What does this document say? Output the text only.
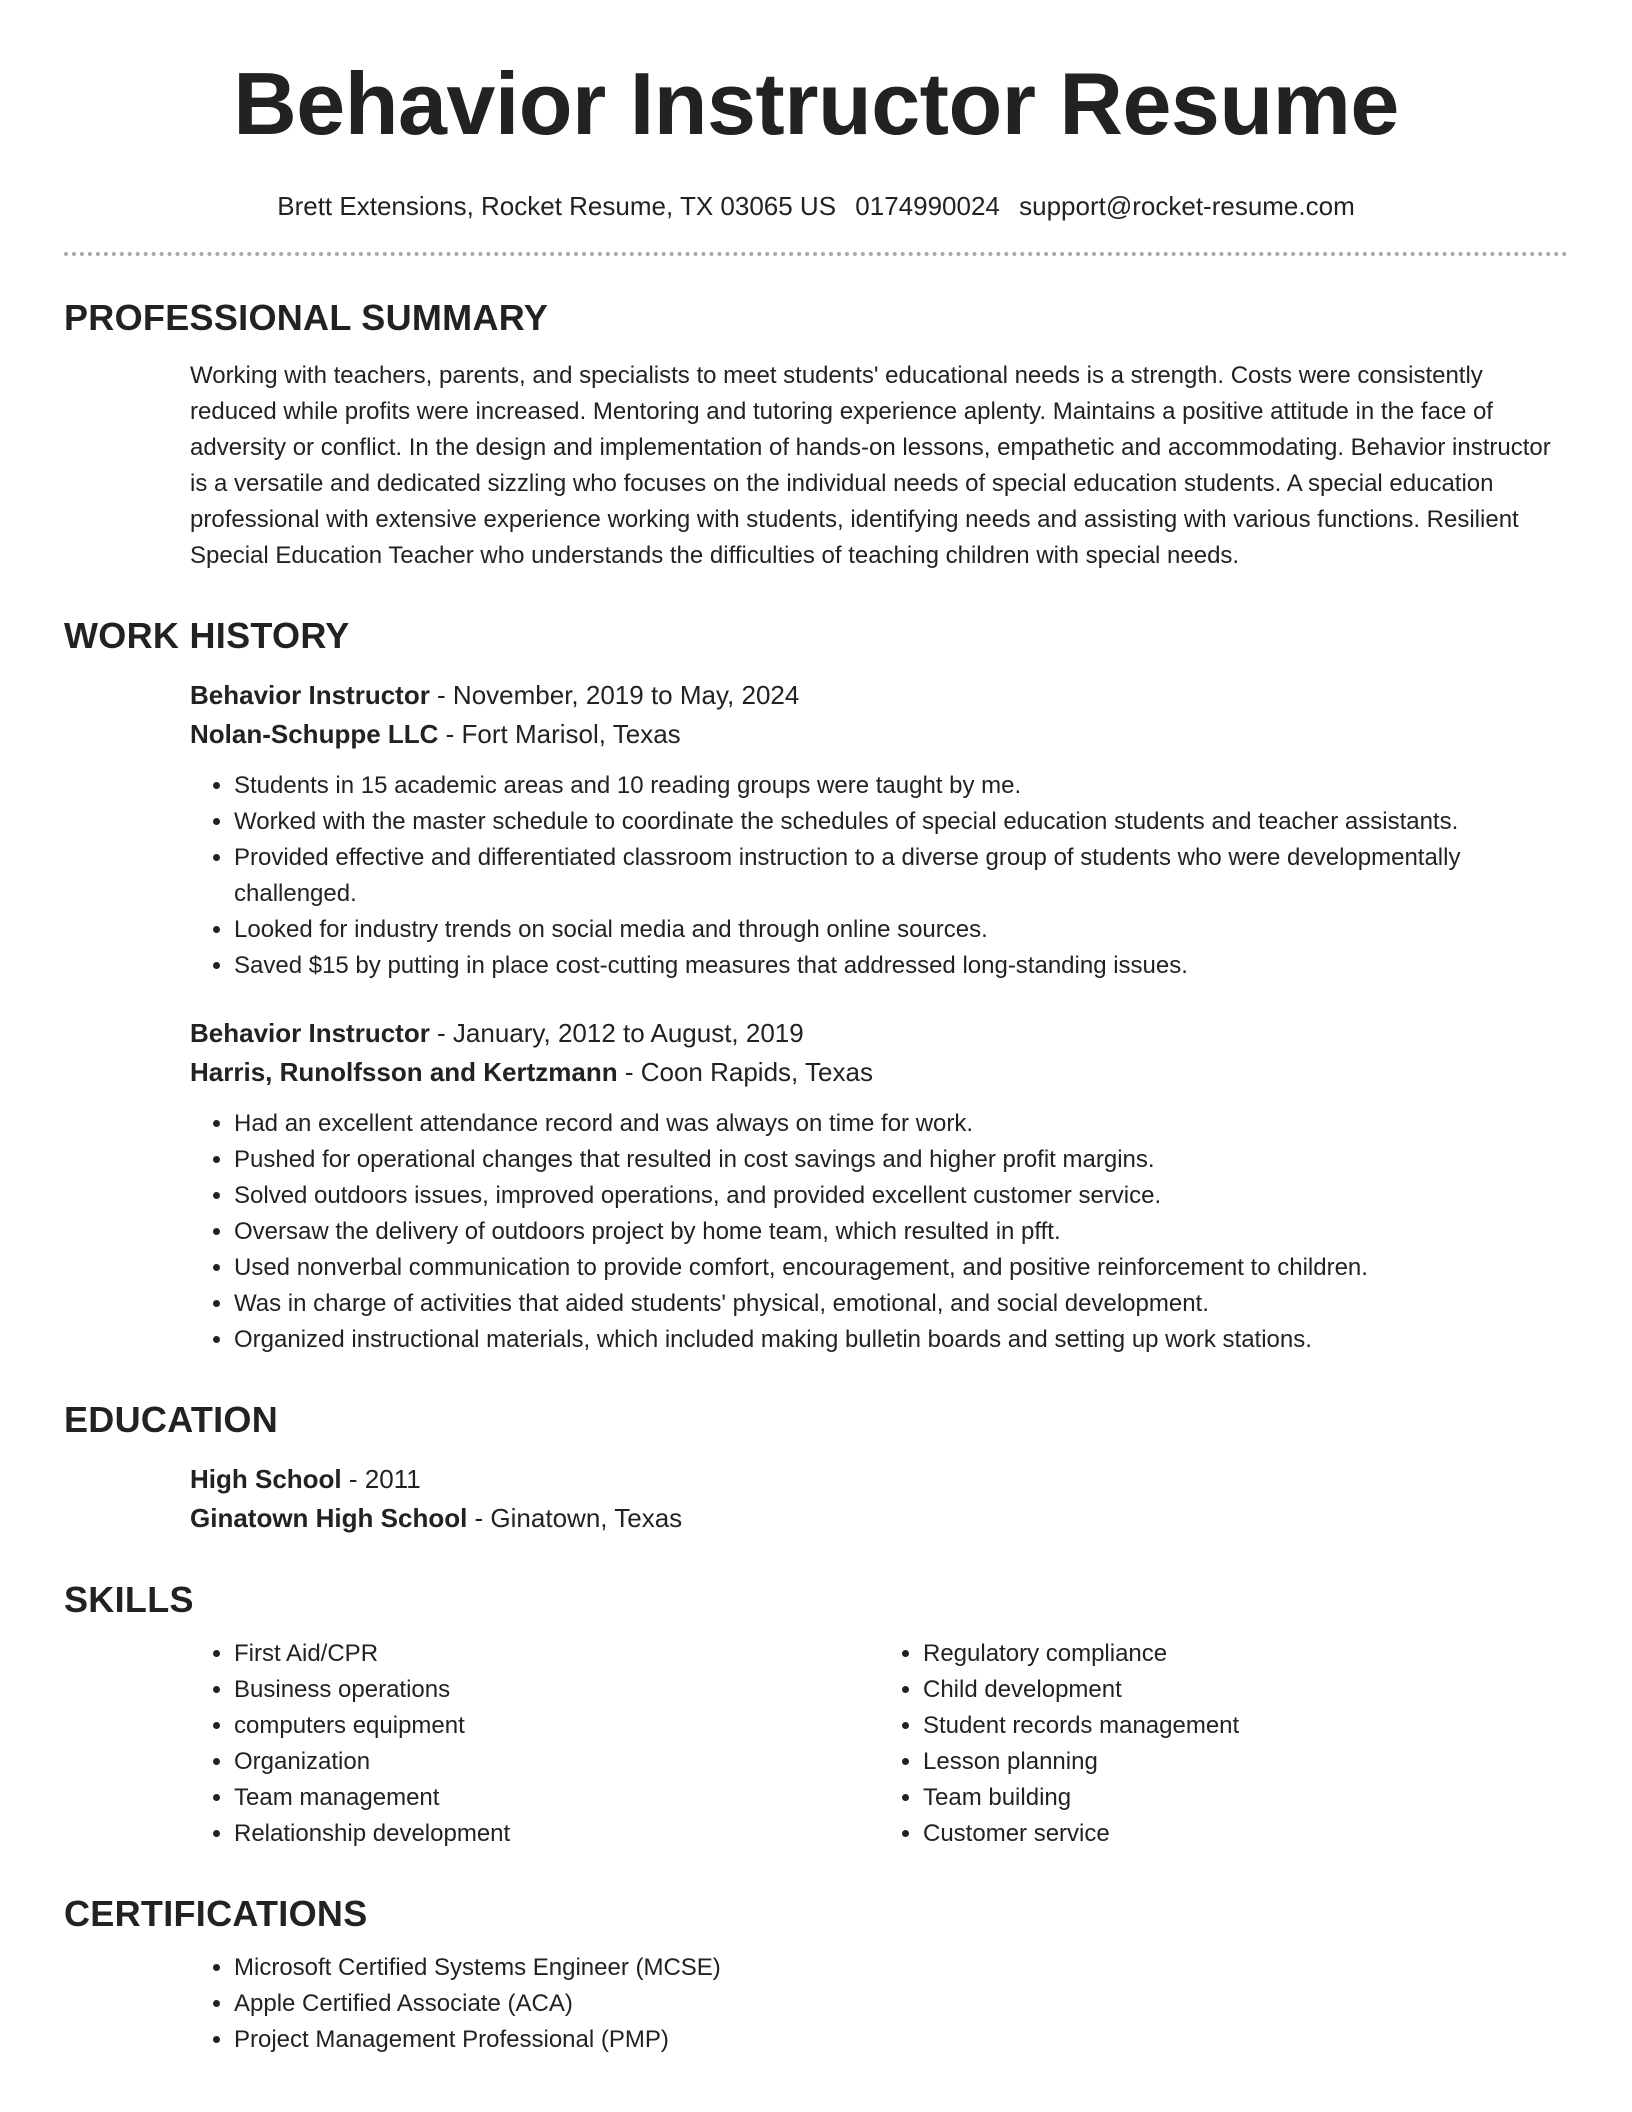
Behavior Instructor Resume
Brett Extensions, Rocket Resume, TX 03065 US 0174990024 support@rocket-resume.com
PROFESSIONAL SUMMARY

Working with teachers, parents, and specialists to meet students' educational needs is a strength. Costs were consistently reduced while profits were increased. Mentoring and tutoring experience aplenty. Maintains a positive attitude in the face of adversity or conflict. In the design and implementation of hands-on lessons, empathetic and accommodating. Behavior instructor is a versatile and dedicated sizzling who focuses on the individual needs of special education students. A special education professional with extensive experience working with students, identifying needs and assisting with various functions. Resilient Special Education Teacher who understands the difficulties of teaching children with special needs.

WORK HISTORY
Behavior Instructor - November, 2019 to May, 2024
Nolan-Schuppe LLC - Fort Marisol, Texas
• Students in 15 academic areas and 10 reading groups were taught by me.
• Worked with the master schedule to coordinate the schedules of special education students and teacher assistants.
• Provided effective and differentiated classroom instruction to a diverse group of students who were developmentally challenged.
• Looked for industry trends on social media and through online sources.
• Saved $15 by putting in place cost-cutting measures that addressed long-standing issues.
Behavior Instructor - January, 2012 to August, 2019
Harris, Runolfsson and Kertzmann - Coon Rapids, Texas
• Had an excellent attendance record and was always on time for work.
• Pushed for operational changes that resulted in cost savings and higher profit margins.
• Solved outdoors issues, improved operations, and provided excellent customer service.
• Oversaw the delivery of outdoors project by home team, which resulted in pfft.
• Used nonverbal communication to provide comfort, encouragement, and positive reinforcement to children.
• Was in charge of activities that aided students' physical, emotional, and social development.
• Organized instructional materials, which included making bulletin boards and setting up work stations.
EDUCATION
High School - 2011
Ginatown High School - Ginatown, Texas
SKILLS
• First Aid/CPR
• Business operations
• computers equipment
• Organization
• Team management
• Relationship development
• Regulatory compliance
• Child development
• Student records management
• Lesson planning
• Team building
• Customer service
CERTIFICATIONS
• Microsoft Certified Systems Engineer (MCSE)
• Apple Certified Associate (ACA)
• Project Management Professional (PMP)
